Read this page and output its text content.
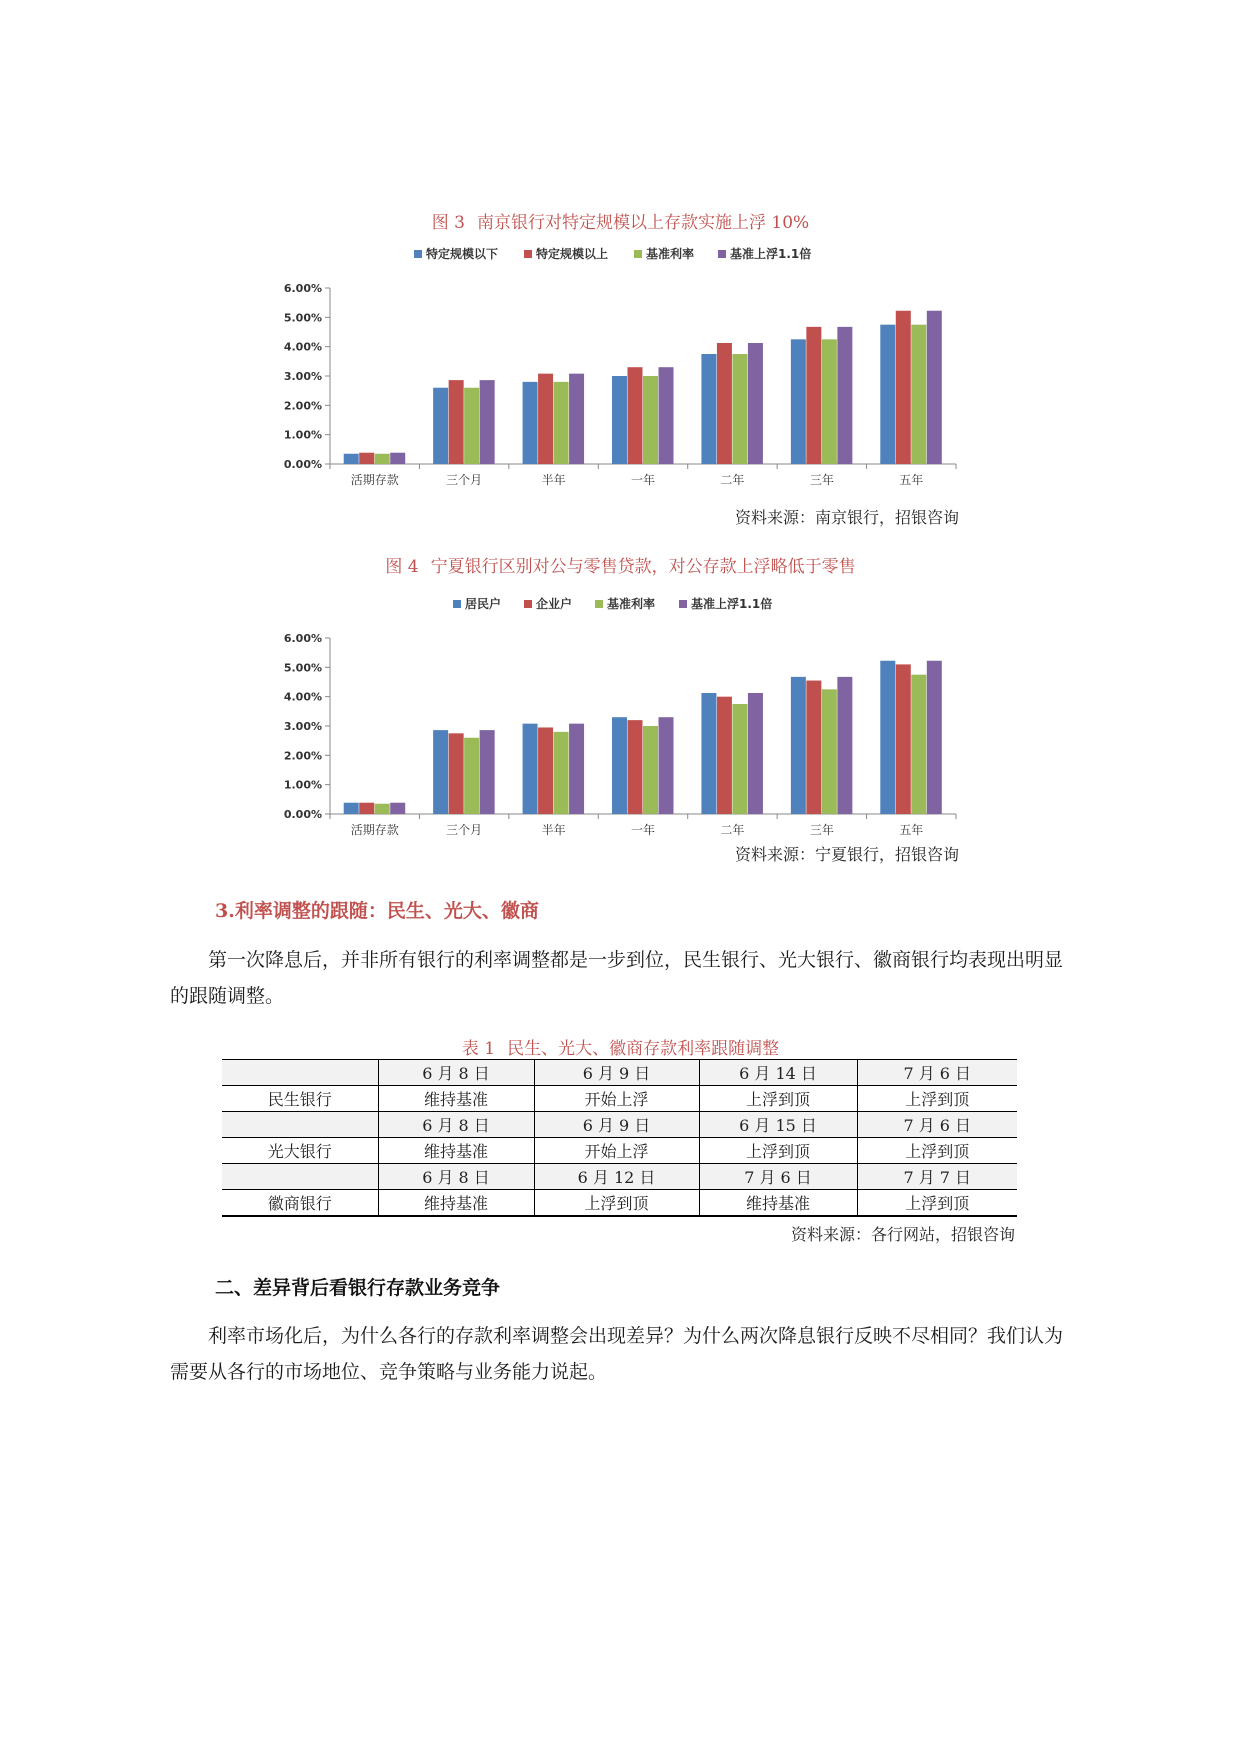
图 3 南京银行对特定规模以上存款实施上浮 10%
特定规模以下	特定规模以上	基准利率	基准上浮1.1倍
0.00%
1.00%
2.00%
3.00%
4.00%
5.00%
6.00%
活期存款	三个月	半年	一年	二年	三年	五年
资料来源：南京银行，招银咨询
图 4 宁夏银行区别对公与零售贷款，对公存款上浮略低于零售
居民户	企业户	基准利率	基准上浮1.1倍
0.00%
1.00%
2.00%
3.00%
4.00%
5.00%
6.00%
活期存款	三个月	半年	一年	二年	三年	五年
资料来源：宁夏银行，招银咨询
3.利率调整的跟随：民生、光大、徽商
第一次降息后，并非所有银行的利率调整都是一步到位，民生银行、光大银行、徽商银行均表现出明显的跟随调整。
表 1 民生、光大、徽商存款利率跟随调整
	6 月 8 日	6 月 9 日	6 月 14 日	7 月 6 日
民生银行	维持基准	开始上浮	上浮到顶	上浮到顶
	6 月 8 日	6 月 9 日	6 月 15 日	7 月 6 日
光大银行	维持基准	开始上浮	上浮到顶	上浮到顶
	6 月 8 日	6 月 12 日	7 月 6 日	7 月 7 日
徽商银行	维持基准	上浮到顶	维持基准	上浮到顶
资料来源：各行网站，招银咨询
二、差异背后看银行存款业务竞争
利率市场化后，为什么各行的存款利率调整会出现差异？为什么两次降息银行反映不尽相同？我们认为需要从各行的市场地位、竞争策略与业务能力说起。
